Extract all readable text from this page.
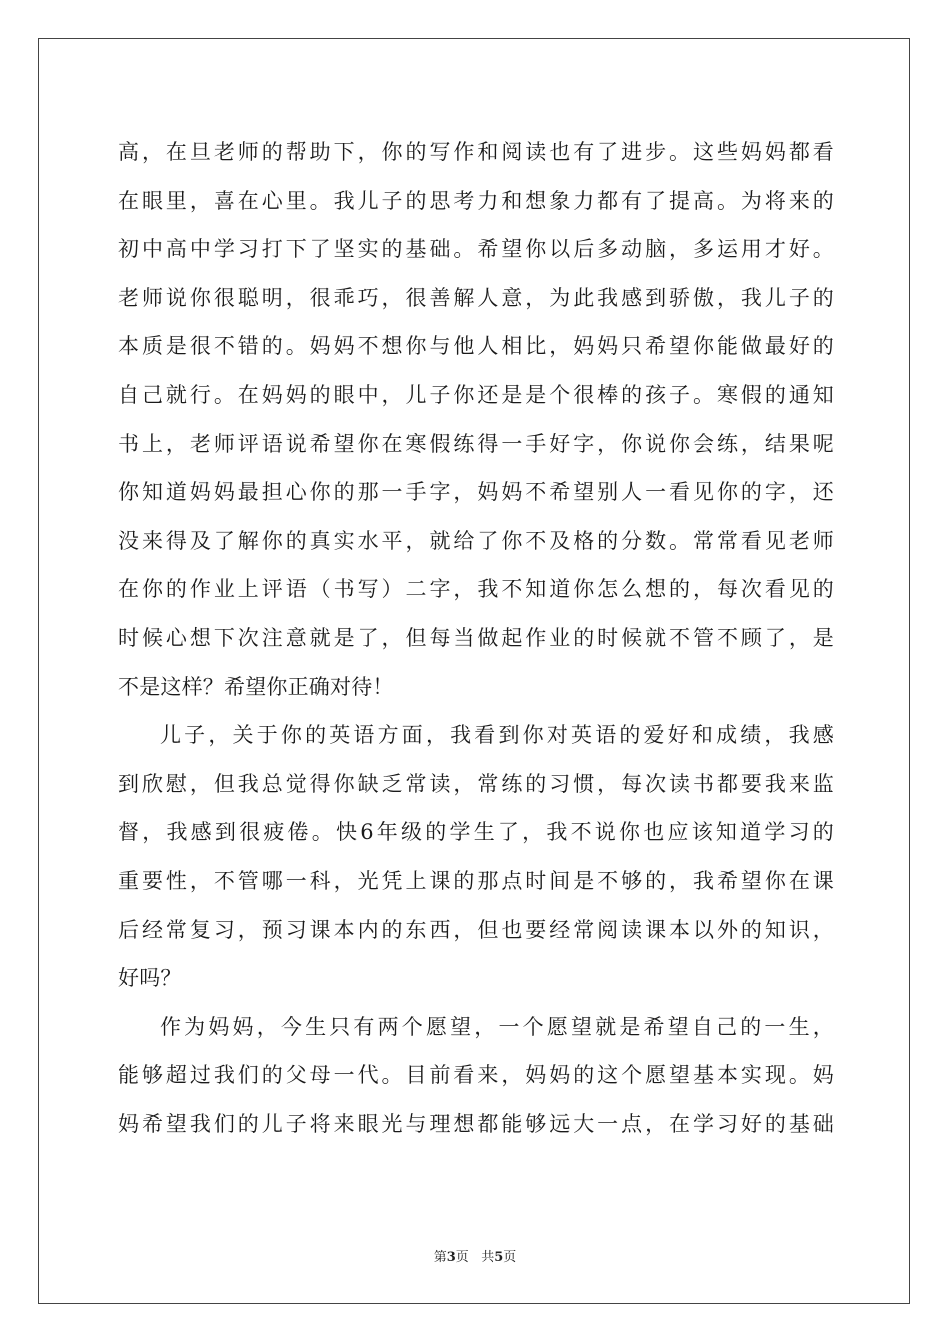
高，在旦老师的帮助下，你的写作和阅读也有了进步。这些妈妈都看
在眼里，喜在心里。我儿子的思考力和想象力都有了提高。为将来的
初中高中学习打下了坚实的基础。希望你以后多动脑，多运用才好。
老师说你很聪明，很乖巧，很善解人意，为此我感到骄傲，我儿子的
本质是很不错的。妈妈不想你与他人相比，妈妈只希望你能做最好的
自己就行。在妈妈的眼中，儿子你还是是个很棒的孩子。寒假的通知
书上，老师评语说希望你在寒假练得一手好字，你说你会练，结果呢
你知道妈妈最担心你的那一手字，妈妈不希望别人一看见你的字，还
没来得及了解你的真实水平，就给了你不及格的分数。常常看见老师
在你的作业上评语（书写）二字，我不知道你怎么想的，每次看见的
时候心想下次注意就是了，但每当做起作业的时候就不管不顾了，是
不是这样？希望你正确对待！
儿子，关于你的英语方面，我看到你对英语的爱好和成绩，我感
到欣慰，但我总觉得你缺乏常读，常练的习惯，每次读书都要我来监
督，我感到很疲倦。快6年级的学生了，我不说你也应该知道学习的
重要性，不管哪一科，光凭上课的那点时间是不够的，我希望你在课
后经常复习，预习课本内的东西，但也要经常阅读课本以外的知识，
好吗？
作为妈妈，今生只有两个愿望，一个愿望就是希望自己的一生，
能够超过我们的父母一代。目前看来，妈妈的这个愿望基本实现。妈
妈希望我们的儿子将来眼光与理想都能够远大一点，在学习好的基础
第3页 共5页
